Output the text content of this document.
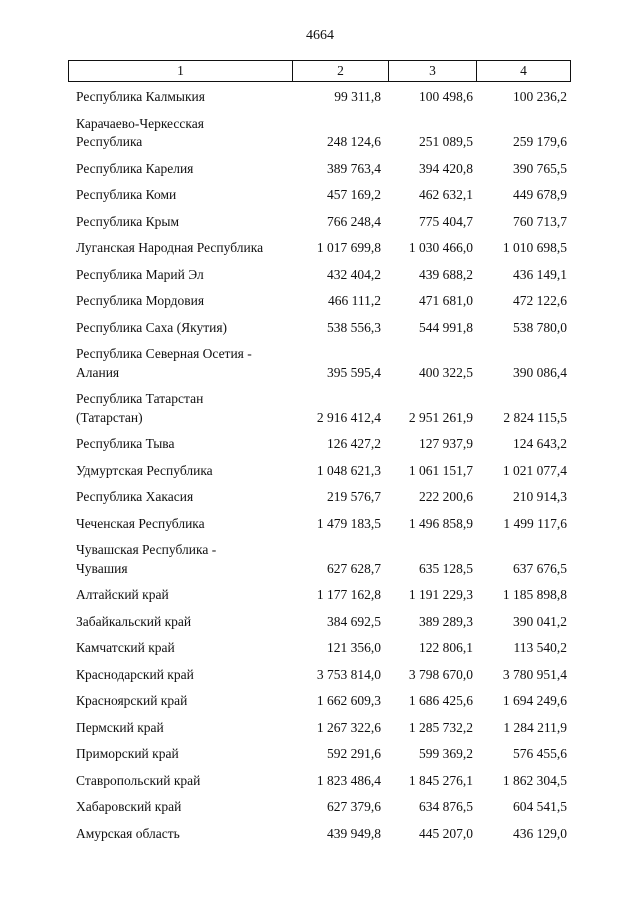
4664
1	2	3	4
Республика Калмыкия	99 311,8	100 498,6	100 236,2
Карачаево-Черкесская
Республика	248 124,6	251 089,5	259 179,6
Республика Карелия	389 763,4	394 420,8	390 765,5
Республика Коми	457 169,2	462 632,1	449 678,9
Республика Крым	766 248,4	775 404,7	760 713,7
Луганская Народная Республика	1 017 699,8	1 030 466,0	1 010 698,5
Республика Марий Эл	432 404,2	439 688,2	436 149,1
Республика Мордовия	466 111,2	471 681,0	472 122,6
Республика Саха (Якутия)	538 556,3	544 991,8	538 780,0
Республика Северная Осетия -
Алания	395 595,4	400 322,5	390 086,4
Республика Татарстан
(Татарстан)	2 916 412,4	2 951 261,9	2 824 115,5
Республика Тыва	126 427,2	127 937,9	124 643,2
Удмуртская Республика	1 048 621,3	1 061 151,7	1 021 077,4
Республика Хакасия	219 576,7	222 200,6	210 914,3
Чеченская Республика	1 479 183,5	1 496 858,9	1 499 117,6
Чувашская Республика -
Чувашия	627 628,7	635 128,5	637 676,5
Алтайский край	1 177 162,8	1 191 229,3	1 185 898,8
Забайкальский край	384 692,5	389 289,3	390 041,2
Камчатский край	121 356,0	122 806,1	113 540,2
Краснодарский край	3 753 814,0	3 798 670,0	3 780 951,4
Красноярский край	1 662 609,3	1 686 425,6	1 694 249,6
Пермский край	1 267 322,6	1 285 732,2	1 284 211,9
Приморский край	592 291,6	599 369,2	576 455,6
Ставропольский край	1 823 486,4	1 845 276,1	1 862 304,5
Хабаровский край	627 379,6	634 876,5	604 541,5
Амурская область	439 949,8	445 207,0	436 129,0
